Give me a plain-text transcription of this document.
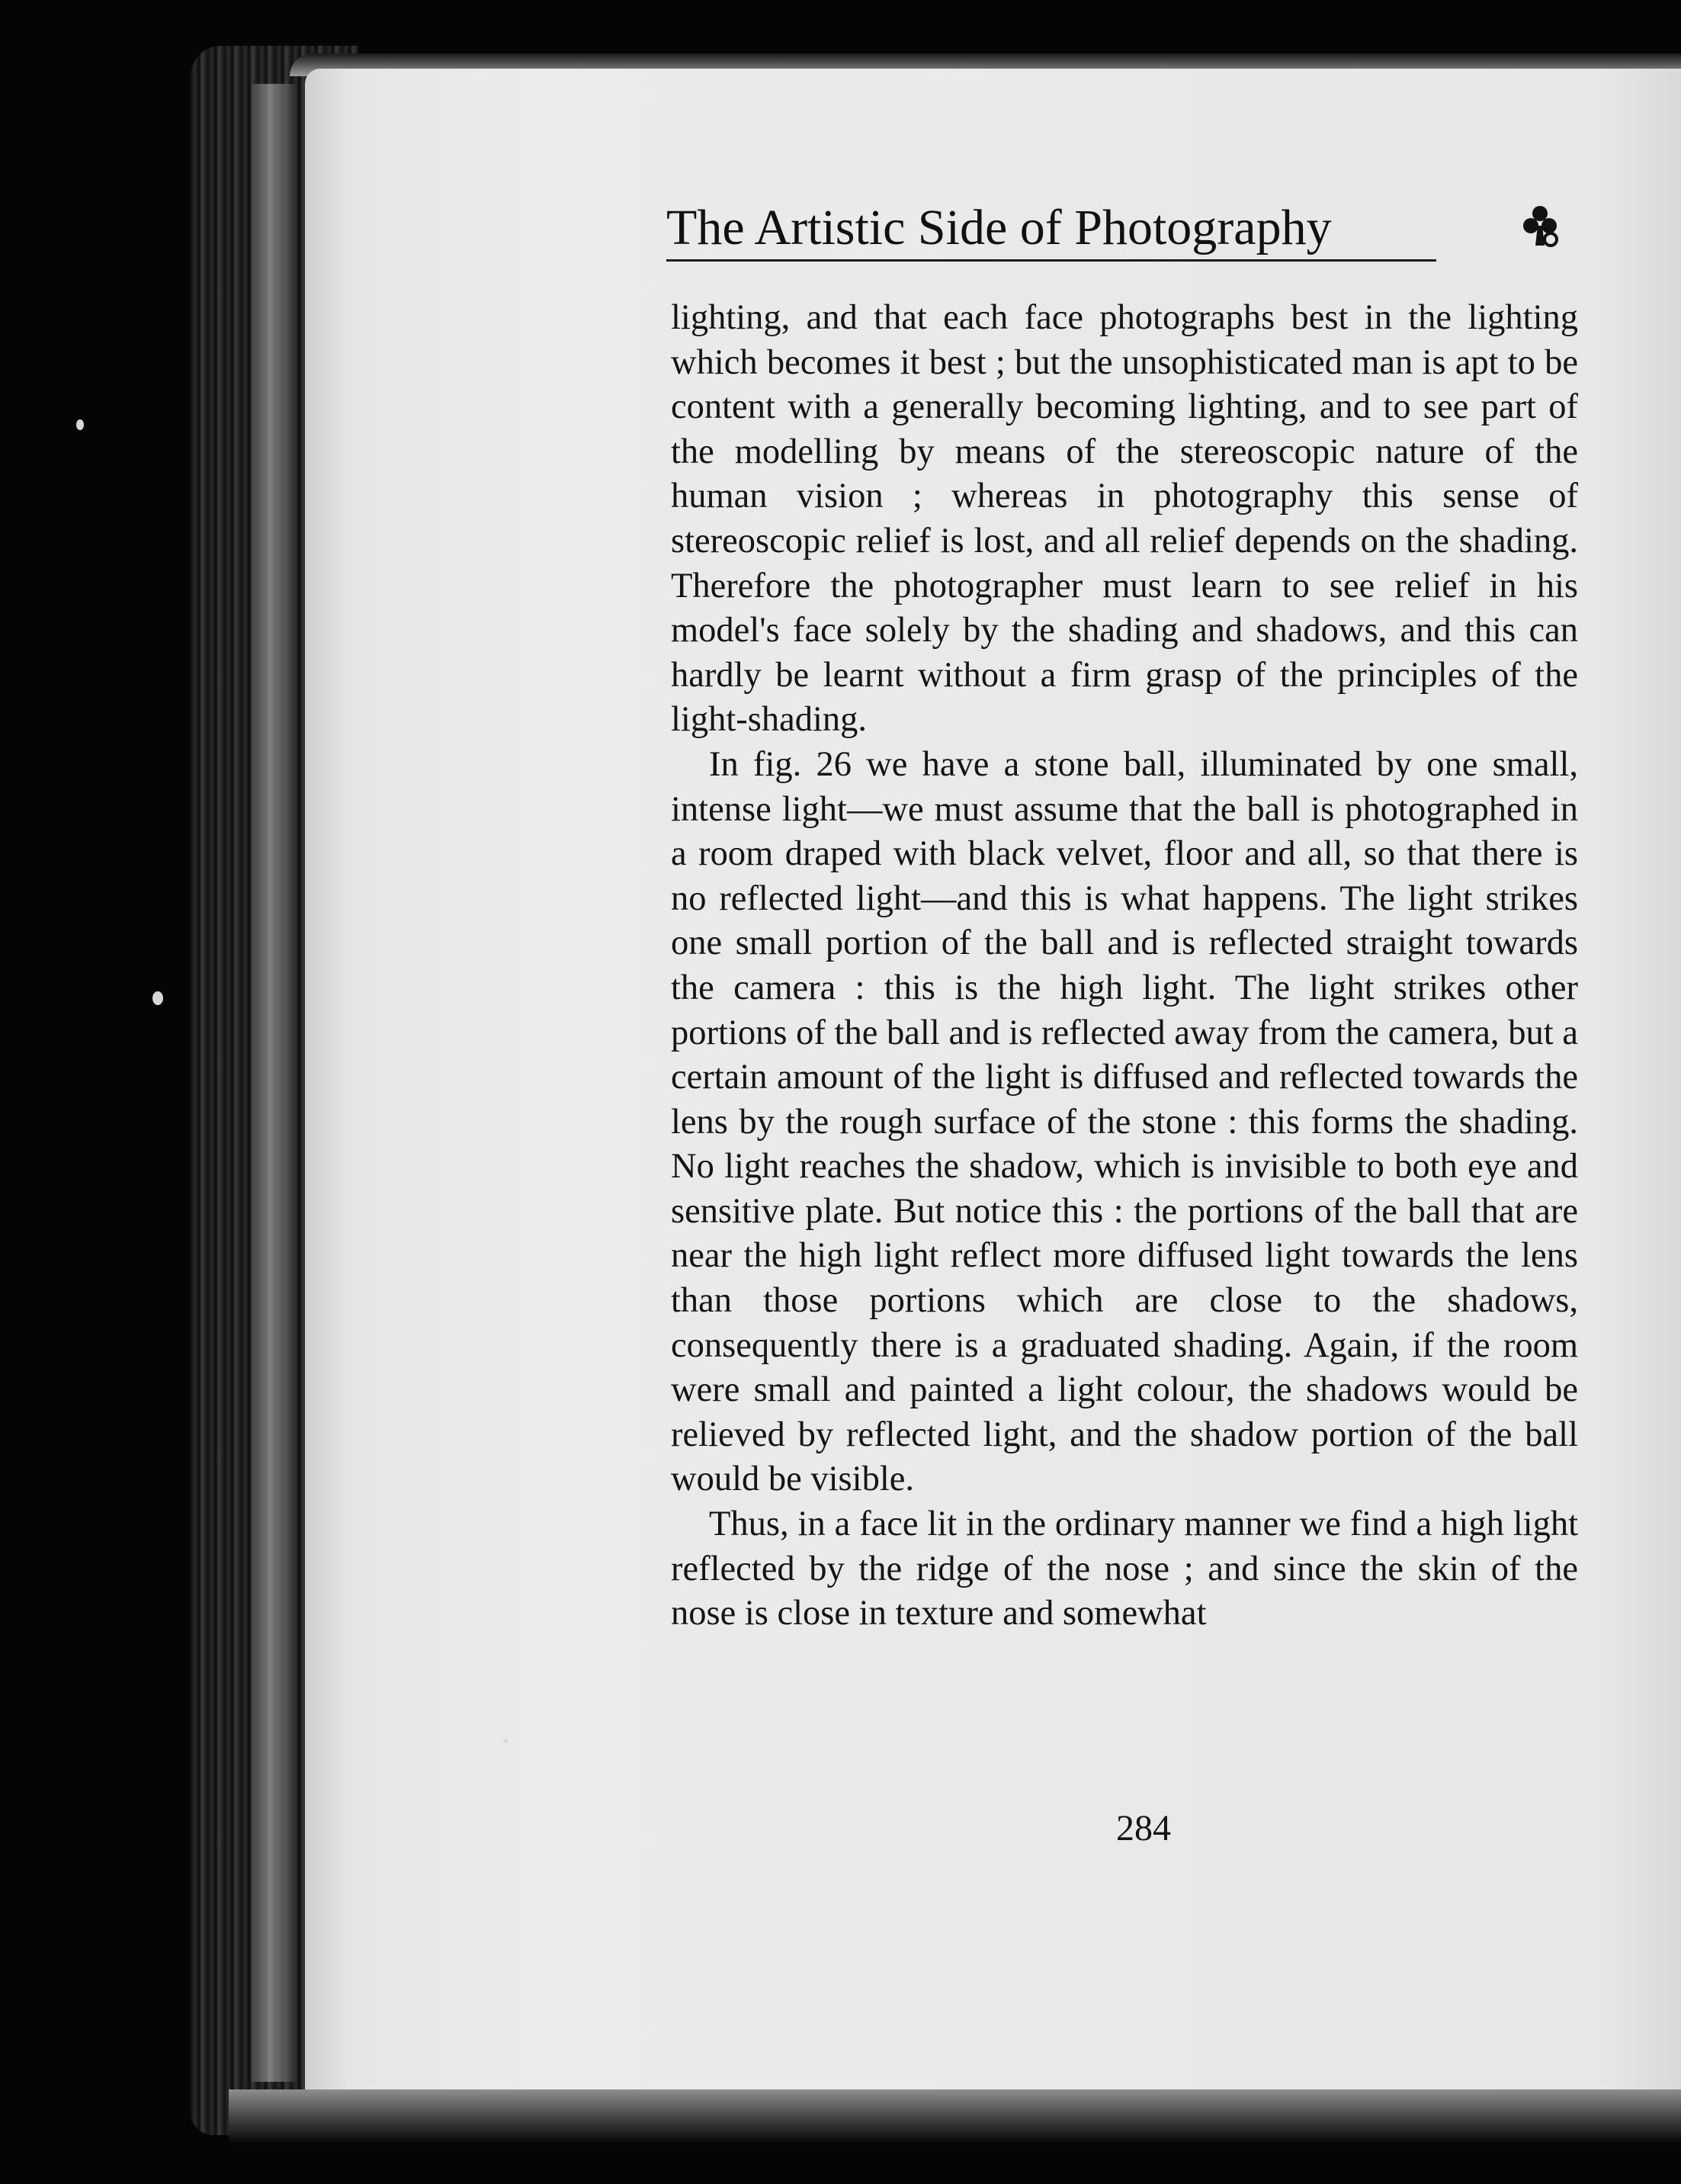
The Artistic Side of Photography

lighting, and that each face photographs best in the lighting which becomes it best ; but the unsophisticated man is apt to be content with a generally becoming lighting, and to see part of the modelling by means of the stereoscopic nature of the human vision ; whereas in photography this sense of stereoscopic relief is lost, and all relief depends on the shading. Therefore the photographer must learn to see relief in his model's face solely by the shading and shadows, and this can hardly be learnt without a firm grasp of the principles of the light-shading.

In fig. 26 we have a stone ball, illuminated by one small, intense light—we must assume that the ball is photographed in a room draped with black velvet, floor and all, so that there is no reflected light—and this is what happens. The light strikes one small portion of the ball and is reflected straight towards the camera : this is the high light. The light strikes other portions of the ball and is reflected away from the camera, but a certain amount of the light is diffused and reflected towards the lens by the rough surface of the stone : this forms the shading. No light reaches the shadow, which is invisible to both eye and sensitive plate. But notice this : the portions of the ball that are near the high light reflect more diffused light towards the lens than those portions which are close to the shadows, consequently there is a graduated shading. Again, if the room were small and painted a light colour, the shadows would be relieved by reflected light, and the shadow portion of the ball would be visible.

Thus, in a face lit in the ordinary manner we find a high light reflected by the ridge of the nose ; and since the skin of the nose is close in texture and somewhat

284
